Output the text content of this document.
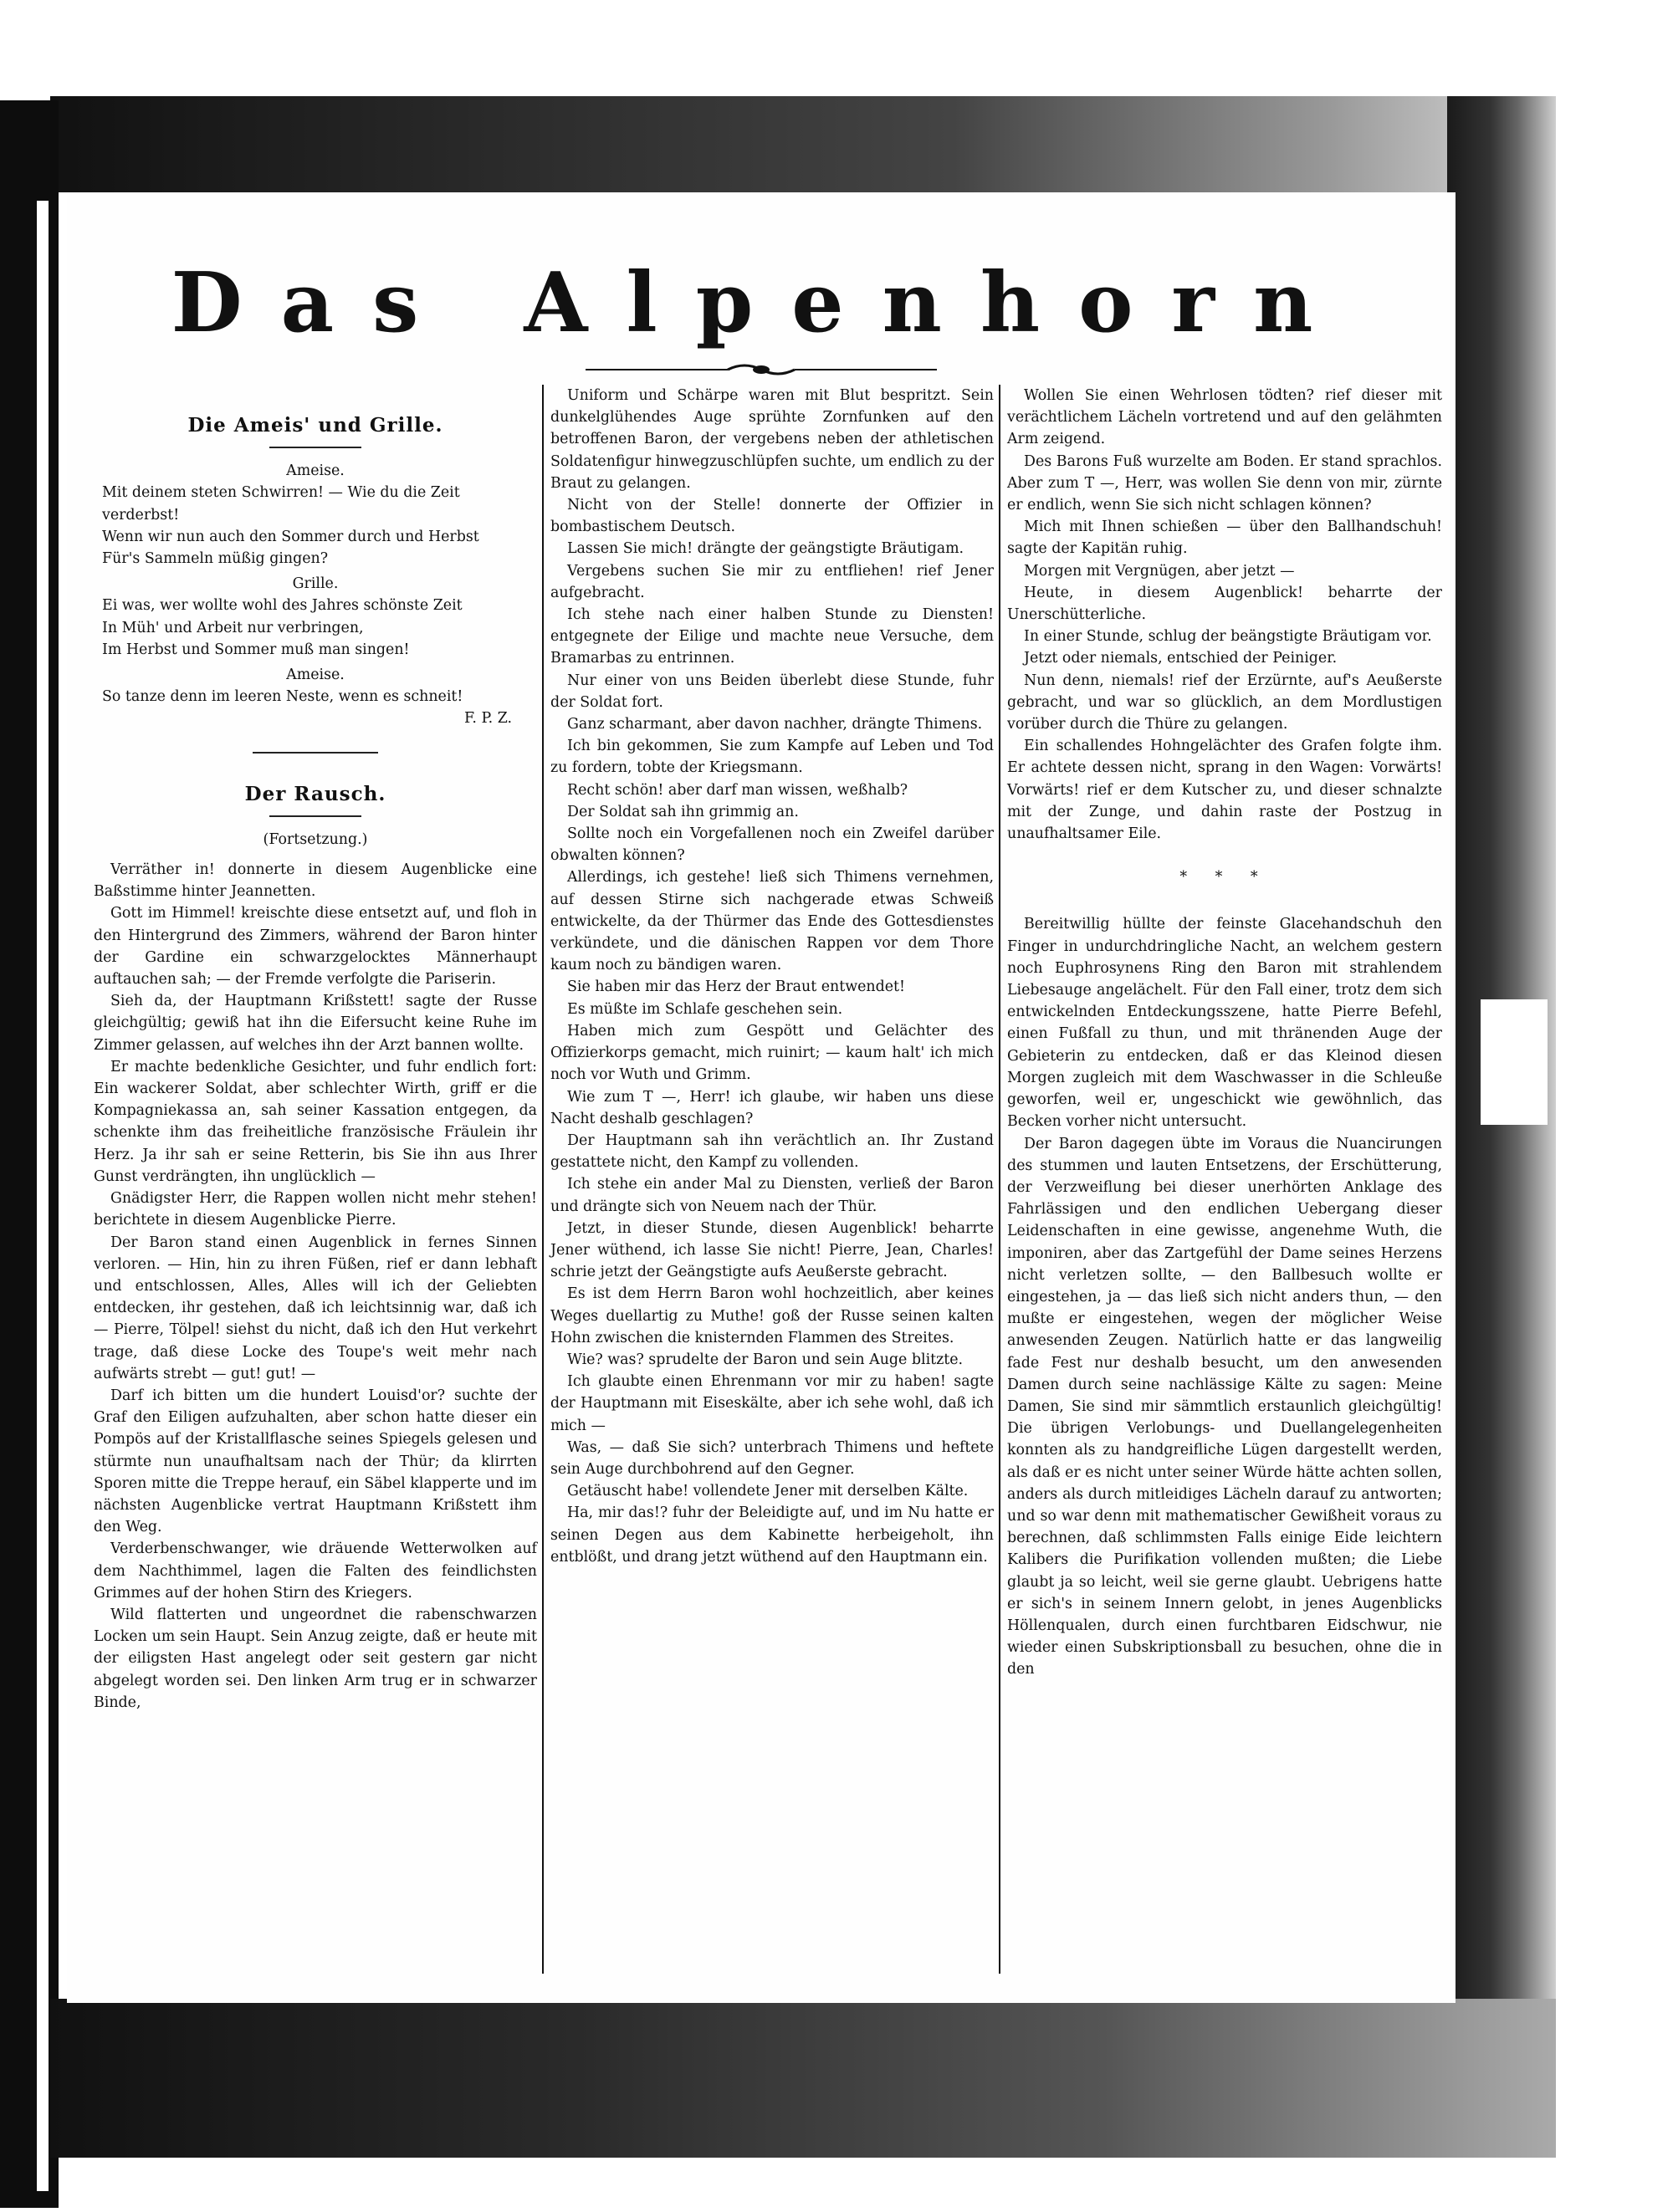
Das Alpenhorn
Die Ameis' und Grille.
Ameise.
Mit deinem steten Schwirren! — Wie du die Zeit verderbst!
Wenn wir nun auch den Sommer durch und Herbst
Für's Sammeln müßig gingen?
Grille.
Ei was, wer wollte wohl des Jahres schönste Zeit
In Müh' und Arbeit nur verbringen,
Im Herbst und Sommer muß man singen!
Ameise.
So tanze denn im leeren Neste, wenn es schneit!
F. P. Z.
Der Rausch.
(Fortsetzung.)

Verräther in! donnerte in diesem Augenblicke eine Baßstimme hinter Jeannetten.

Gott im Himmel! kreischte diese entsetzt auf, und floh in den Hintergrund des Zimmers, während der Baron hinter der Gardine ein schwarzgelocktes Männerhaupt auftauchen sah; — der Fremde verfolgte die Pariserin.

Sieh da, der Hauptmann Krißstett! sagte der Russe gleichgültig; gewiß hat ihn die Eifersucht keine Ruhe im Zimmer gelassen, auf welches ihn der Arzt bannen wollte.

Er machte bedenkliche Gesichter, und fuhr endlich fort: Ein wackerer Soldat, aber schlechter Wirth, griff er die Kompagniekassa an, sah seiner Kassation entgegen, da schenkte ihm das freiheitliche französische Fräulein ihr Herz. Ja ihr sah er seine Retterin, bis Sie ihn aus Ihrer Gunst verdrängten, ihn unglücklich —

Gnädigster Herr, die Rappen wollen nicht mehr stehen! berichtete in diesem Augenblicke Pierre.

Der Baron stand einen Augenblick in fernes Sinnen verloren. — Hin, hin zu ihren Füßen, rief er dann lebhaft und entschlossen, Alles, Alles will ich der Geliebten entdecken, ihr gestehen, daß ich leichtsinnig war, daß ich — Pierre, Tölpel! siehst du nicht, daß ich den Hut verkehrt trage, daß diese Locke des Toupe's weit mehr nach aufwärts strebt — gut! gut! —

Darf ich bitten um die hundert Louisd'or? suchte der Graf den Eiligen aufzuhalten, aber schon hatte dieser ein Pompös auf der Kristallflasche seines Spiegels gelesen und stürmte nun unaufhaltsam nach der Thür; da klirrten Sporen mitte die Treppe herauf, ein Säbel klapperte und im nächsten Augenblicke vertrat Hauptmann Krißstett ihm den Weg.

Verderbenschwanger, wie dräuende Wetterwolken auf dem Nachthimmel, lagen die Falten des feindlichsten Grimmes auf der hohen Stirn des Kriegers.

Wild flatterten und ungeordnet die rabenschwarzen Locken um sein Haupt. Sein Anzug zeigte, daß er heute mit der eiligsten Hast angelegt oder seit gestern gar nicht abgelegt worden sei. Den linken Arm trug er in schwarzer Binde,

Uniform und Schärpe waren mit Blut bespritzt. Sein dunkelglühendes Auge sprühte Zornfunken auf den betroffenen Baron, der vergebens neben der athletischen Soldatenfigur hinwegzuschlüpfen suchte, um endlich zu der Braut zu gelangen.

Nicht von der Stelle! donnerte der Offizier in bombastischem Deutsch.

Lassen Sie mich! drängte der geängstigte Bräutigam.

Vergebens suchen Sie mir zu entfliehen! rief Jener aufgebracht.

Ich stehe nach einer halben Stunde zu Diensten! entgegnete der Eilige und machte neue Versuche, dem Bramarbas zu entrinnen.

Nur einer von uns Beiden überlebt diese Stunde, fuhr der Soldat fort.

Ganz scharmant, aber davon nachher, drängte Thimens.

Ich bin gekommen, Sie zum Kampfe auf Leben und Tod zu fordern, tobte der Kriegsmann.

Recht schön! aber darf man wissen, weßhalb?

Der Soldat sah ihn grimmig an.

Sollte noch ein Vorgefallenen noch ein Zweifel darüber obwalten können?

Allerdings, ich gestehe! ließ sich Thimens vernehmen, auf dessen Stirne sich nachgerade etwas Schweiß entwickelte, da der Thürmer das Ende des Gottesdienstes verkündete, und die dänischen Rappen vor dem Thore kaum noch zu bändigen waren.

Sie haben mir das Herz der Braut entwendet!

Es müßte im Schlafe geschehen sein.

Haben mich zum Gespött und Gelächter des Offizierkorps gemacht, mich ruinirt; — kaum halt' ich mich noch vor Wuth und Grimm.

Wie zum T —, Herr! ich glaube, wir haben uns diese Nacht deshalb geschlagen?

Der Hauptmann sah ihn verächtlich an. Ihr Zustand gestattete nicht, den Kampf zu vollenden.

Ich stehe ein ander Mal zu Diensten, verließ der Baron und drängte sich von Neuem nach der Thür.

Jetzt, in dieser Stunde, diesen Augenblick! beharrte Jener wüthend, ich lasse Sie nicht! Pierre, Jean, Charles! schrie jetzt der Geängstigte aufs Aeußerste gebracht.

Es ist dem Herrn Baron wohl hochzeitlich, aber keines Weges duellartig zu Muthe! goß der Russe seinen kalten Hohn zwischen die knisternden Flammen des Streites.

Wie? was? sprudelte der Baron und sein Auge blitzte.

Ich glaubte einen Ehrenmann vor mir zu haben! sagte der Hauptmann mit Eiseskälte, aber ich sehe wohl, daß ich mich —

Was, — daß Sie sich? unterbrach Thimens und heftete sein Auge durchbohrend auf den Gegner.

Getäuscht habe! vollendete Jener mit derselben Kälte.

Ha, mir das!? fuhr der Beleidigte auf, und im Nu hatte er seinen Degen aus dem Kabinette herbeigeholt, ihn entblößt, und drang jetzt wüthend auf den Hauptmann ein.

Wollen Sie einen Wehrlosen tödten? rief dieser mit verächtlichem Lächeln vortretend und auf den gelähmten Arm zeigend.

Des Barons Fuß wurzelte am Boden. Er stand sprachlos. Aber zum T —, Herr, was wollen Sie denn von mir, zürnte er endlich, wenn Sie sich nicht schlagen können?

Mich mit Ihnen schießen — über den Ballhandschuh! sagte der Kapitän ruhig.

Morgen mit Vergnügen, aber jetzt —

Heute, in diesem Augenblick! beharrte der Unerschütterliche.

In einer Stunde, schlug der beängstigte Bräutigam vor.

Jetzt oder niemals, entschied der Peiniger.

Nun denn, niemals! rief der Erzürnte, auf's Aeußerste gebracht, und war so glücklich, an dem Mordlustigen vorüber durch die Thüre zu gelangen.

Ein schallendes Hohngelächter des Grafen folgte ihm. Er achtete dessen nicht, sprang in den Wagen: Vorwärts! Vorwärts! rief er dem Kutscher zu, und dieser schnalzte mit der Zunge, und dahin raste der Postzug in unaufhaltsamer Eile.

* * *

Bereitwillig hüllte der feinste Glacehandschuh den Finger in undurchdringliche Nacht, an welchem gestern noch Euphrosynens Ring den Baron mit strahlendem Liebesauge angelächelt. Für den Fall einer, trotz dem sich entwickelnden Entdeckungsszene, hatte Pierre Befehl, einen Fußfall zu thun, und mit thränenden Auge der Gebieterin zu entdecken, daß er das Kleinod diesen Morgen zugleich mit dem Waschwasser in die Schleuße geworfen, weil er, ungeschickt wie gewöhnlich, das Becken vorher nicht untersucht.

Der Baron dagegen übte im Voraus die Nuancirungen des stummen und lauten Entsetzens, der Erschütterung, der Verzweiflung bei dieser unerhörten Anklage des Fahrlässigen und den endlichen Uebergang dieser Leidenschaften in eine gewisse, angenehme Wuth, die imponiren, aber das Zartgefühl der Dame seines Herzens nicht verletzen sollte, — den Ballbesuch wollte er eingestehen, ja — das ließ sich nicht anders thun, — den mußte er eingestehen, wegen der möglicher Weise anwesenden Zeugen. Natürlich hatte er das langweilig fade Fest nur deshalb besucht, um den anwesenden Damen durch seine nachlässige Kälte zu sagen: Meine Damen, Sie sind mir sämmtlich erstaunlich gleichgültig! Die übrigen Verlobungs- und Duellangelegenheiten konnten als zu handgreifliche Lügen dargestellt werden, als daß er es nicht unter seiner Würde hätte achten sollen, anders als durch mitleidiges Lächeln darauf zu antworten; und so war denn mit mathematischer Gewißheit voraus zu berechnen, daß schlimmsten Falls einige Eide leichtern Kalibers die Purifikation vollenden mußten; die Liebe glaubt ja so leicht, weil sie gerne glaubt. Uebrigens hatte er sich's in seinem Innern gelobt, in jenes Augenblicks Höllenqualen, durch einen furchtbaren Eidschwur, nie wieder einen Subskriptionsball zu besuchen, ohne die in den
